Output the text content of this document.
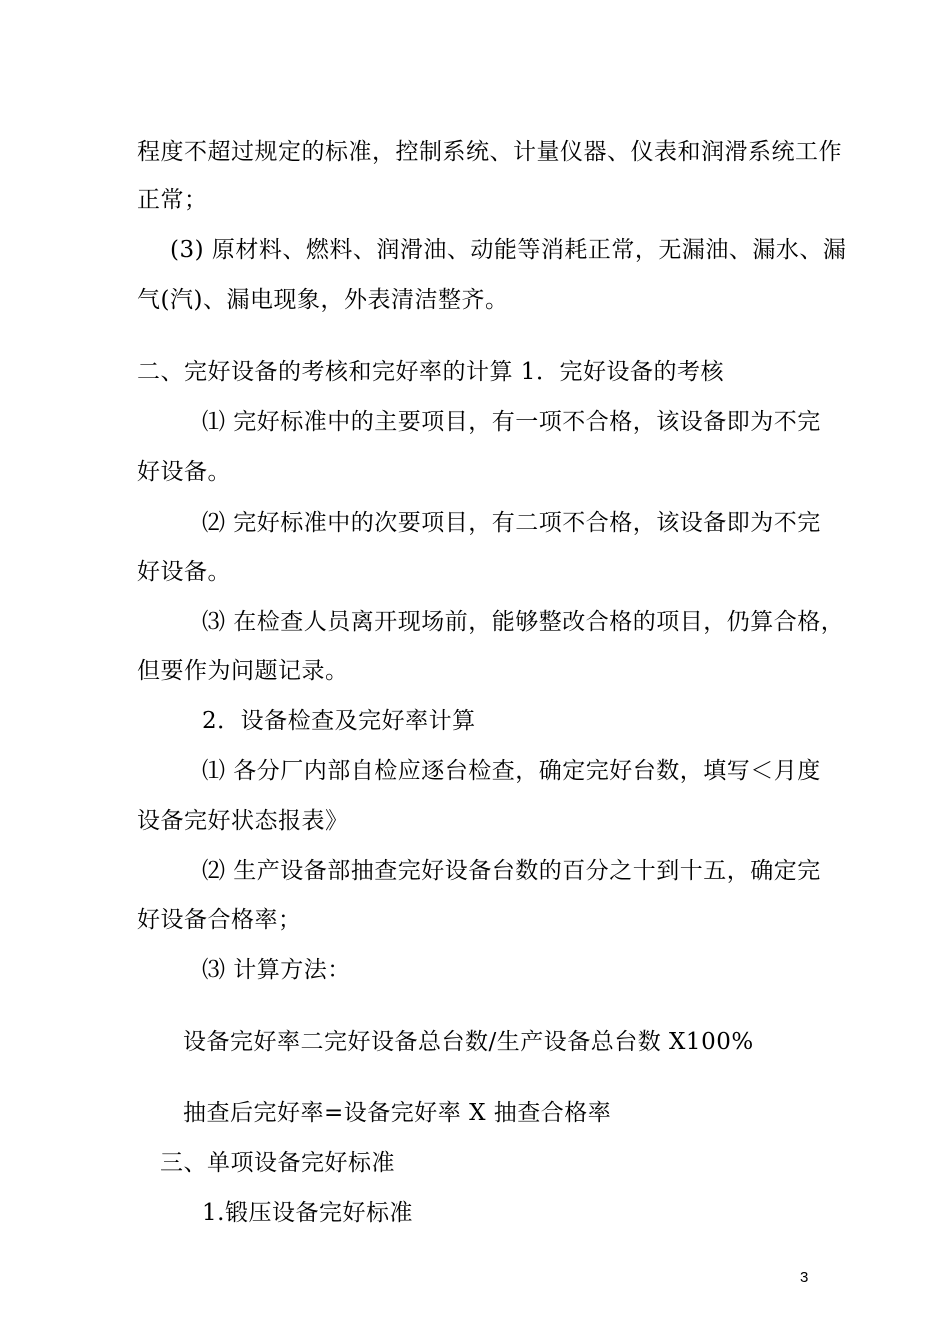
程度不超过规定的标准，控制系统、计量仪器、仪表和润滑系统工作
正常；
(3) 原材料、燃料、润滑油、动能等消耗正常，无漏油、漏水、漏
气(汽)、漏电现象，外表清洁整齐。
二、完好设备的考核和完好率的计算 1．完好设备的考核
⑴ 完好标准中的主要项目，有一项不合格，该设备即为不完
好设备。
⑵ 完好标准中的次要项目，有二项不合格，该设备即为不完
好设备。
⑶ 在检查人员离开现场前，能够整改合格的项目，仍算合格，
但要作为问题记录。
2．设备检查及完好率计算
⑴ 各分厂内部自检应逐台检查，确定完好台数，填写＜月度
设备完好状态报表》
⑵ 生产设备部抽查完好设备台数的百分之十到十五，确定完
好设备合格率；
⑶ 计算方法：
设备完好率二完好设备总台数/生产设备总台数 X100%
抽查后完好率=设备完好率 X 抽查合格率
三、单项设备完好标准
1.锻压设备完好标准
3
